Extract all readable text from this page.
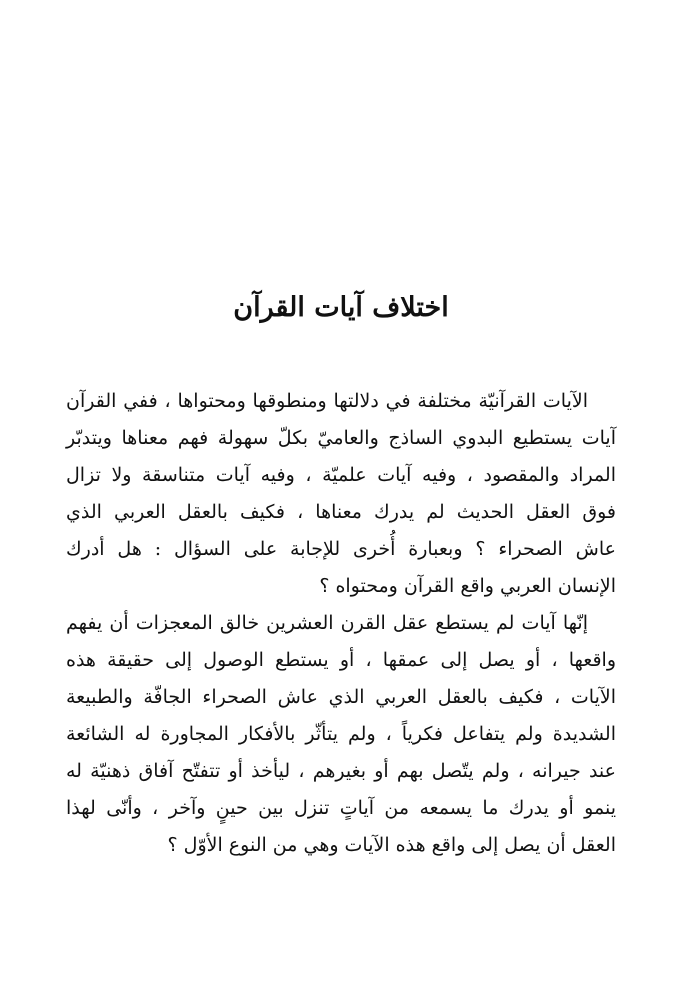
اختلاف آيات القرآن
الآيات القرآنيّة مختلفة في دلالتها ومنطوقها ومحتواها ، ففي القرآن
آيات يستطيع البدوي الساذج والعاميّ بكلّ سهولة فهم معناها ويتدبّر
المراد والمقصود ، وفيه آيات علميّة ، وفيه آيات متناسقة ولا تزال
فوق العقل الحديث لم يدرك معناها ، فكيف بالعقل العربي الذي
عاش الصحراء ؟ وبعبارة أُخرى للإجابة على السؤال : هل أدرك
الإنسان العربي واقع القرآن ومحتواه ؟
إنّها آيات لم يستطع عقل القرن العشرين خالق المعجزات أن يفهم
واقعها ، أو يصل إلى عمقها ، أو يستطع الوصول إلى حقيقة هذه
الآيات ، فكيف بالعقل العربي الذي عاش الصحراء الجافّة والطبيعة
الشديدة ولم يتفاعل فكرياً ، ولم يتأثّر بالأفكار المجاورة له الشائعة
عند جيرانه ، ولم يتّصل بهم أو بغيرهم ، ليأخذ أو تتفتّح آفاق ذهنيّة له
ينمو أو يدرك ما يسمعه من آياتٍ تنزل بين حينٍ وآخر ، وأنّى لهذا
العقل أن يصل إلى واقع هذه الآيات وهي من النوع الأوّل ؟
